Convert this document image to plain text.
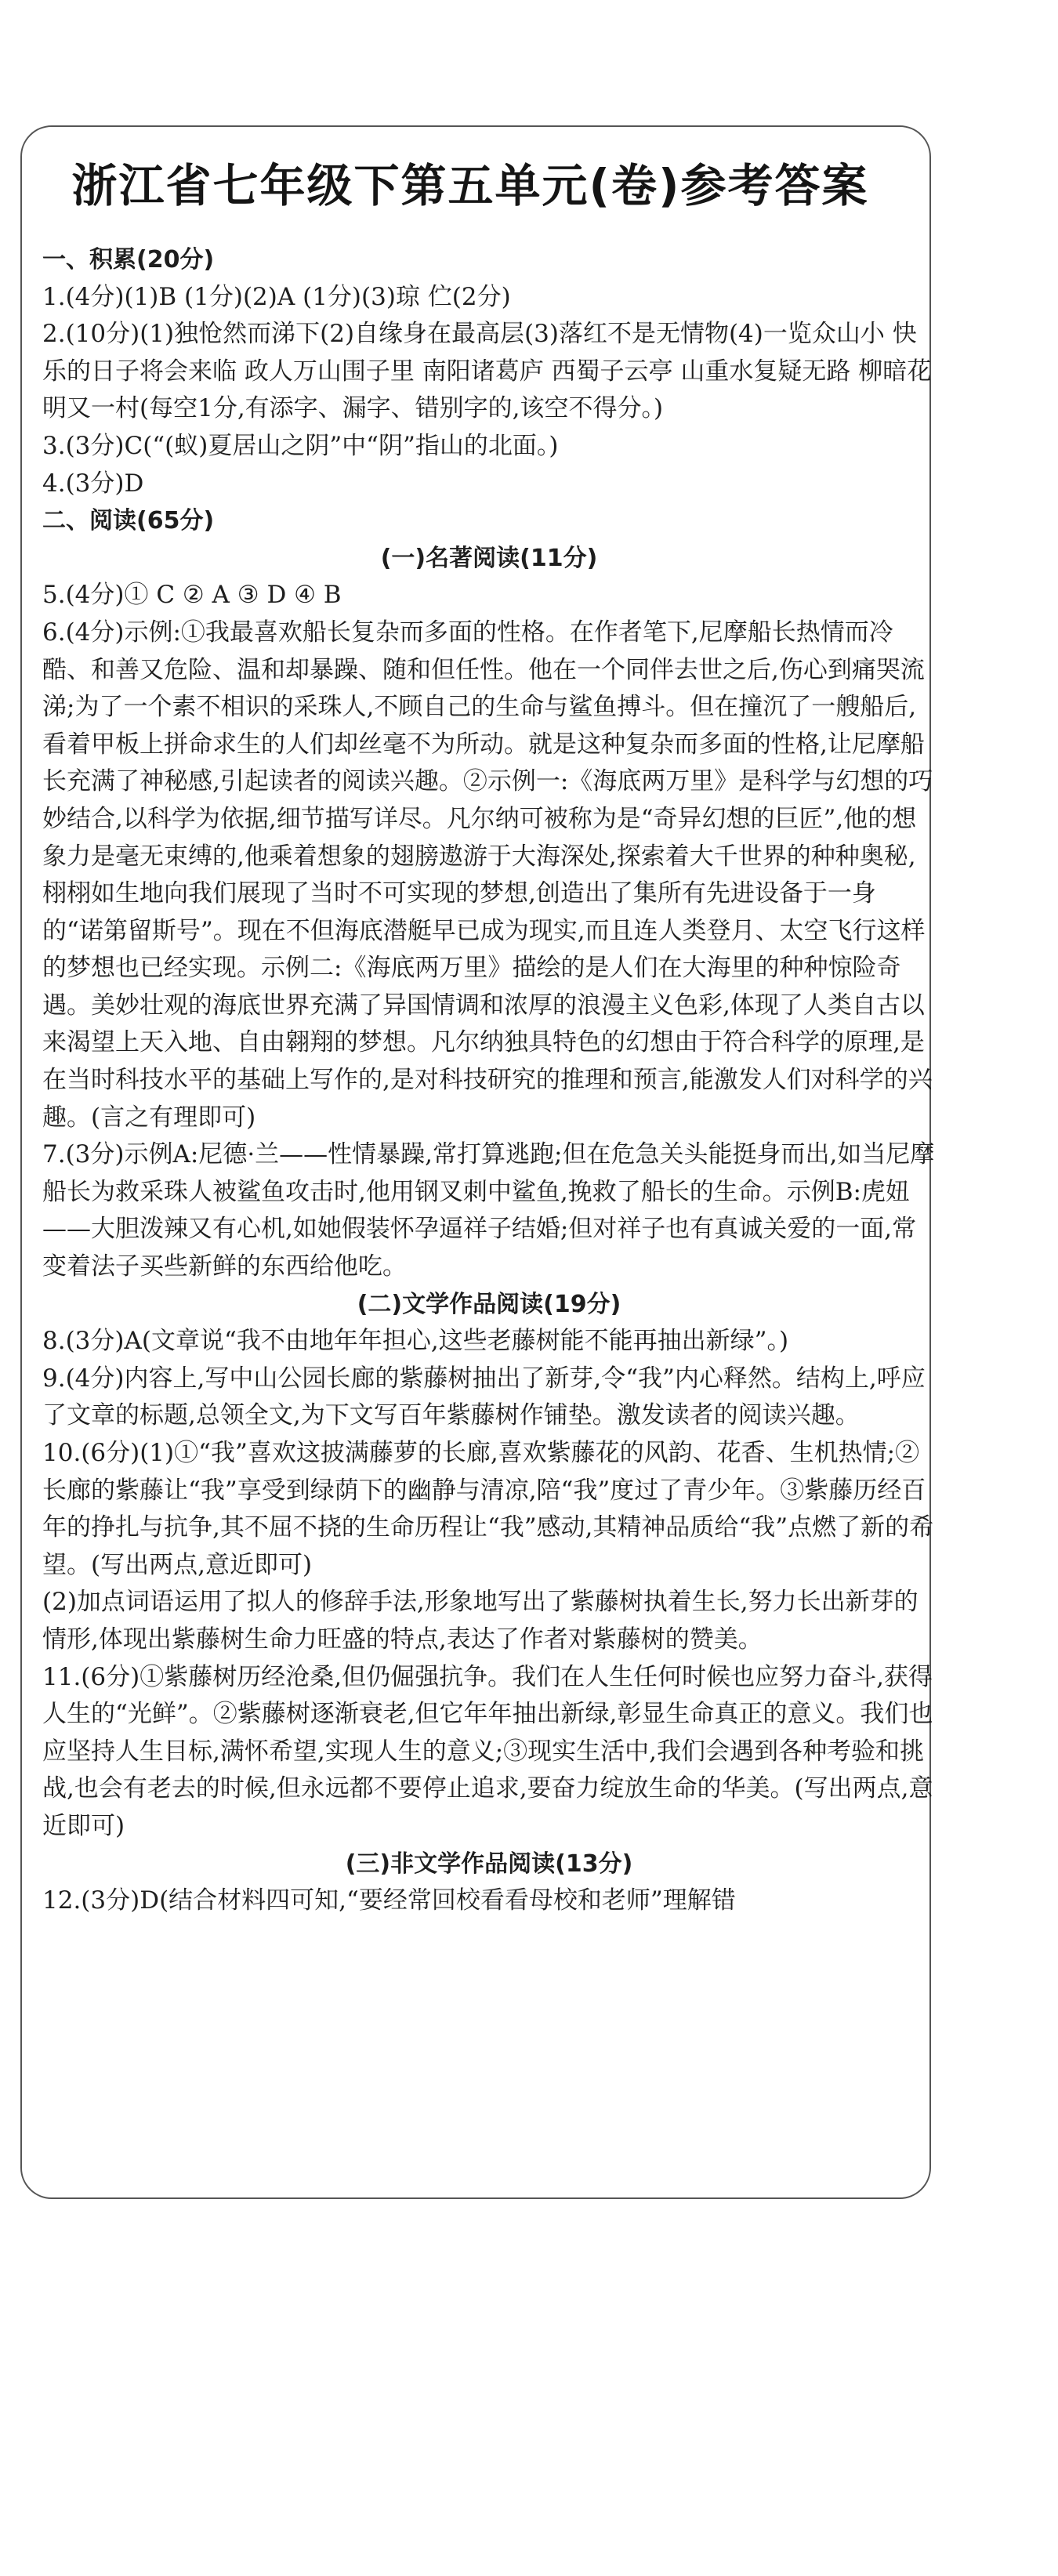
浙江省七年级下第五单元(卷)参考答案

一、积累(20分)

1.(4分)(1)B (1分)(2)A (1分)(3)琼 伫(2分)

2.(10分)(1)独怆然而涕下(2)自缘身在最高层(3)落红不是无情物(4)一览众山小 快乐的日子将会来临 政人万山围子里 南阳诸葛庐 西蜀子云亭 山重水复疑无路 柳暗花明又一村(每空1分,有添字、漏字、错别字的,该空不得分。)

3.(3分)C(“(蚁)夏居山之阴”中“阴”指山的北面。)

4.(3分)D

二、阅读(65分)

(一)名著阅读(11分)

5.(4分)① C ② A ③ D ④ B

6.(4分)示例:①我最喜欢船长复杂而多面的性格。在作者笔下,尼摩船长热情而冷酷、和善又危险、温和却暴躁、随和但任性。他在一个同伴去世之后,伤心到痛哭流涕;为了一个素不相识的采珠人,不顾自己的生命与鲨鱼搏斗。但在撞沉了一艘船后,看着甲板上拼命求生的人们却丝毫不为所动。就是这种复杂而多面的性格,让尼摩船长充满了神秘感,引起读者的阅读兴趣。②示例一:《海底两万里》是科学与幻想的巧妙结合,以科学为依据,细节描写详尽。凡尔纳可被称为是“奇异幻想的巨匠”,他的想象力是毫无束缚的,他乘着想象的翅膀遨游于大海深处,探索着大千世界的种种奥秘,栩栩如生地向我们展现了当时不可实现的梦想,创造出了集所有先进设备于一身的“诺第留斯号”。现在不但海底潜艇早已成为现实,而且连人类登月、太空飞行这样的梦想也已经实现。示例二:《海底两万里》描绘的是人们在大海里的种种惊险奇遇。美妙壮观的海底世界充满了异国情调和浓厚的浪漫主义色彩,体现了人类自古以来渴望上天入地、自由翱翔的梦想。凡尔纳独具特色的幻想由于符合科学的原理,是在当时科技水平的基础上写作的,是对科技研究的推理和预言,能激发人们对科学的兴趣。(言之有理即可)

7.(3分)示例A:尼德·兰——性情暴躁,常打算逃跑;但在危急关头能挺身而出,如当尼摩船长为救采珠人被鲨鱼攻击时,他用钢叉刺中鲨鱼,挽救了船长的生命。示例B:虎妞——大胆泼辣又有心机,如她假装怀孕逼祥子结婚;但对祥子也有真诚关爱的一面,常变着法子买些新鲜的东西给他吃。

(二)文学作品阅读(19分)

8.(3分)A(文章说“我不由地年年担心,这些老藤树能不能再抽出新绿”。)

9.(4分)内容上,写中山公园长廊的紫藤树抽出了新芽,令“我”内心释然。结构上,呼应了文章的标题,总领全文,为下文写百年紫藤树作铺垫。激发读者的阅读兴趣。

10.(6分)(1)①“我”喜欢这披满藤萝的长廊,喜欢紫藤花的风韵、花香、生机热情;②长廊的紫藤让“我”享受到绿荫下的幽静与清凉,陪“我”度过了青少年。③紫藤历经百年的挣扎与抗争,其不屈不挠的生命历程让“我”感动,其精神品质给“我”点燃了新的希望。(写出两点,意近即可)

(2)加点词语运用了拟人的修辞手法,形象地写出了紫藤树执着生长,努力长出新芽的情形,体现出紫藤树生命力旺盛的特点,表达了作者对紫藤树的赞美。

11.(6分)①紫藤树历经沧桑,但仍倔强抗争。我们在人生任何时候也应努力奋斗,获得人生的“光鲜”。②紫藤树逐渐衰老,但它年年抽出新绿,彰显生命真正的意义。我们也应坚持人生目标,满怀希望,实现人生的意义;③现实生活中,我们会遇到各种考验和挑战,也会有老去的时候,但永远都不要停止追求,要奋力绽放生命的华美。(写出两点,意近即可)

(三)非文学作品阅读(13分)

12.(3分)D(结合材料四可知,“要经常回校看看母校和老师”理解错
